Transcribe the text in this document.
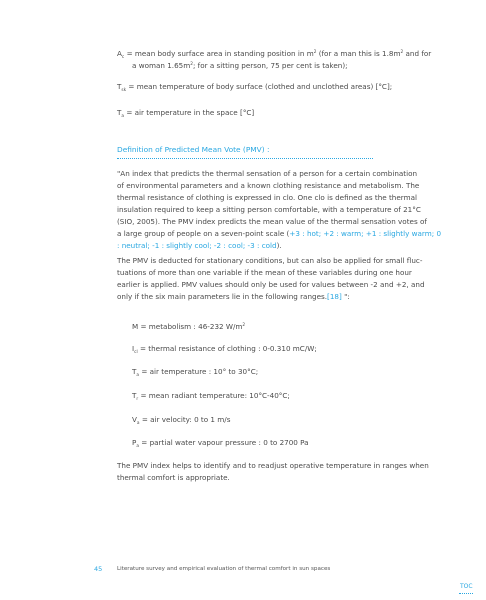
$A_c$ = mean body surface area in standing position in $m^2$ (for a man this is $1.8m^2$ and for
a woman $1.65m^2$; for a sitting person, 75 per cent is taken);
$T_{sk}$ = mean temperature of body surface (clothed and unclothed areas) [°C];
$T_a$ = air temperature in the space [°C]
Definition of Predicted Mean Vote (PMV) :
"An index that predicts the thermal sensation of a person for a certain combination
of environmental parameters and a known clothing resistance and metabolism. The
thermal resistance of clothing is expressed in clo. One clo is defined as the thermal
insulation required to keep a sitting person comfortable, with a temperature of 21°C
(SIO, 2005). The PMV index predicts the mean value of the thermal sensation votes of
a large group of people on a seven-point scale (+3 : hot; +2 : warm; +1 : slightly warm; 0
: neutral; -1 : slightly cool; -2 : cool; -3 : cold).
The PMV is deducted for stationary conditions, but can also be applied for small fluc-
tuations of more than one variable if the mean of these variables during one hour
earlier is applied. PMV values should only be used for values between -2 and +2, and
only if the six main parameters lie in the following ranges.[18] ":
M = metabolism : 46-232 $W/m^2$
$I_{cl}$ = thermal resistance of clothing : 0-0.310 mC/W;
$T_a$ = air temperature : 10° to 30°C;
$T_r$ = mean radiant temperature: 10°C-40°C;
$V_a$ = air velocity: 0 to 1 m/s
$P_a$ = partial water vapour pressure : 0 to 2700 Pa
The PMV index helps to identify and to readjust operative temperature in ranges when
thermal comfort is appropriate.
45	Literature survey and empirical evaluation of thermal comfort in sun spaces
TOC
